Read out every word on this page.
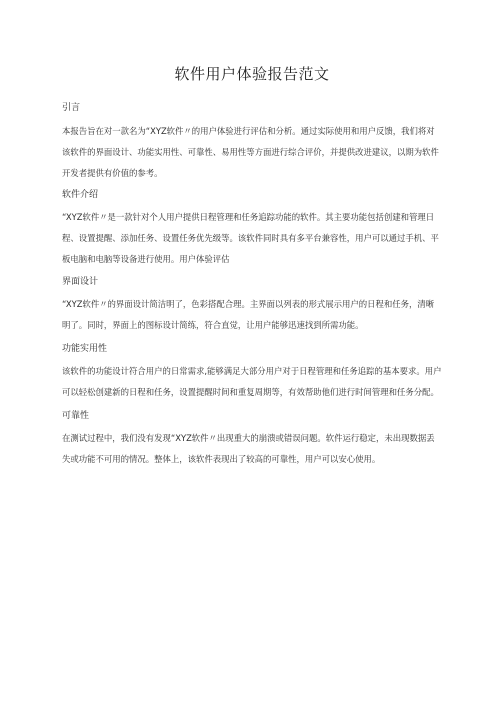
软件用户体验报告范文
引言

本报告旨在对一款名为“XYZ软件〃的用户体验进行评估和分析。通过实际使用和用户反馈，我们将对该软件的界面设计、功能实用性、可靠性、易用性等方面进行综合评价，并提供改进建议，以期为软件开发者提供有价值的参考。

软件介绍

“XYZ软件〃是一款针对个人用户提供日程管理和任务追踪功能的软件。其主要功能包括创建和管理日程、设置提醒、添加任务、设置任务优先级等。该软件同时具有多平台兼容性，用户可以通过手机、平板电脑和电脑等设备进行使用。用户体验评估

界面设计

“XYZ软件〃的界面设计简洁明了，色彩搭配合理。主界面以列表的形式展示用户的日程和任务，清晰明了。同时，界面上的图标设计简练，符合直觉，让用户能够迅速找到所需功能。

功能实用性

该软件的功能设计符合用户的日常需求,能够满足大部分用户对于日程管理和任务追踪的基本要求。用户可以轻松创建新的日程和任务，设置提醒时间和重复周期等，有效帮助他们进行时间管理和任务分配。

可靠性

在测试过程中，我们没有发现“XYZ软件〃出现重大的崩溃或错误问题。软件运行稳定，未出现数据丢失或功能不可用的情况。整体上，该软件表现出了较高的可靠性，用户可以安心使用。
